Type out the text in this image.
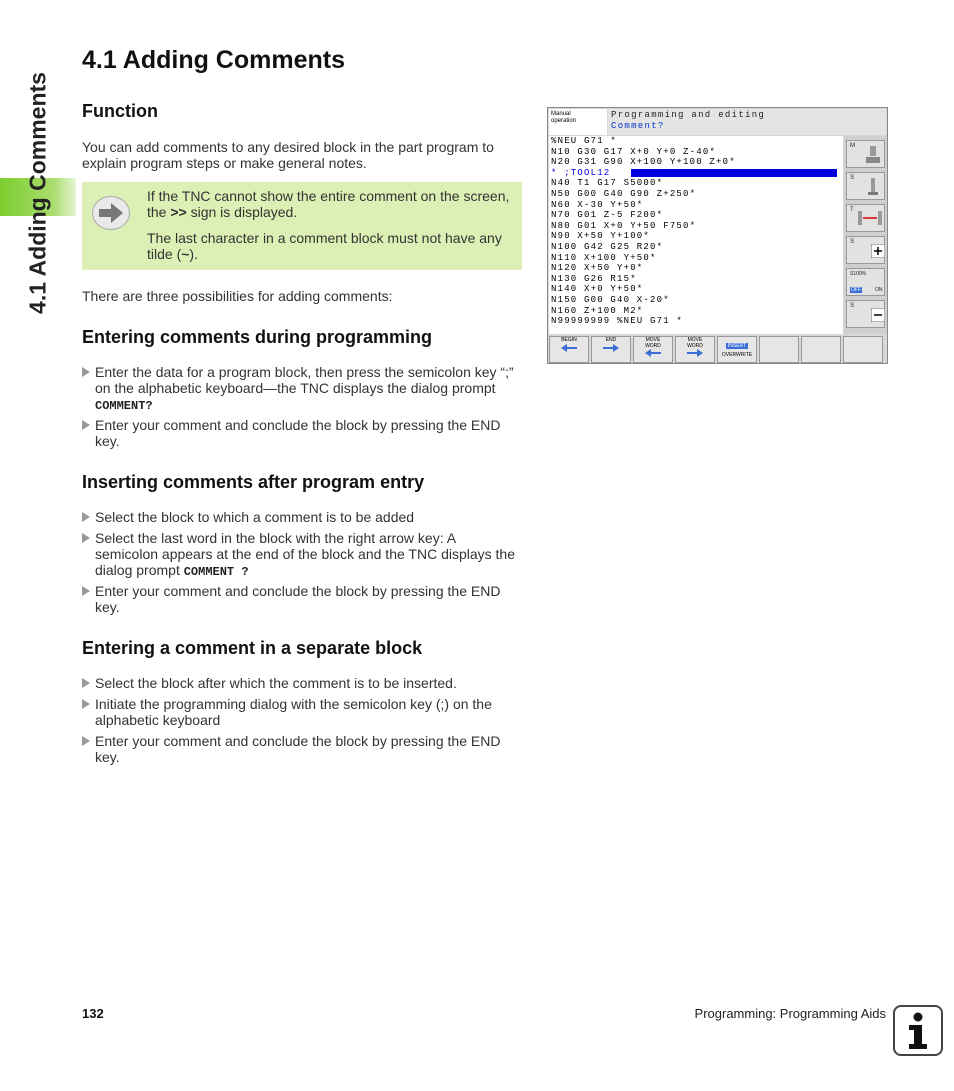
4.1 Adding Comments
4.1 Adding Comments
Function

You can add comments to any desired block in the part program to explain program steps or make general notes.

If the TNC cannot show the entire comment on the screen, the >> sign is displayed.

The last character in a comment block must not have any tilde (~).

There are three possibilities for adding comments:

Entering comments during programming
Enter the data for a program block, then press the semicolon key “;” on the alphabetic keyboard—the TNC displays the dialog prompt COMMENT?
Enter your comment and conclude the block by pressing the END key.
Inserting comments after program entry
Select the block to which a comment is to be added
Select the last word in the block with the right arrow key: A semicolon appears at the end of the block and the TNC displays the dialog prompt COMMENT ?
Enter your comment and conclude the block by pressing the END key.
Entering a comment in a separate block
Select the block after which the comment is to be inserted.
Initiate the programming dialog with the semicolon key (;) on the alphabetic keyboard
Enter your comment and conclude the block by pressing the END key.
Manual
operation
Programming and editing
Comment?
%NEU G71 *
N10 G30 G17 X+0 Y+0 Z-40*
N20 G31 G90 X+100 Y+100 Z+0*
* ;TOOL12
N40 T1 G17 S5000*
N50 G00 G40 G90 Z+250*
N60 X-30 Y+50*
N70 G01 Z-5 F200*
N80 G01 X+0 Y+50 F750*
N90 X+50 Y+100*
N100 G42 G25 R20*
N110 X+100 Y+50*
N120 X+50 Y+0*
N130 G26 R15*
N140 X+0 Y+50*
N150 G00 G40 X-20*
N160 Z+100 M2*
N99999999 %NEU G71 *
M
S
T
S
S100%
OFF	ON
S
BEGIN	END	MOVE
WORD
MOVE
WORD	INSERT
OVERWRITE
132	Programming: Programming Aids
